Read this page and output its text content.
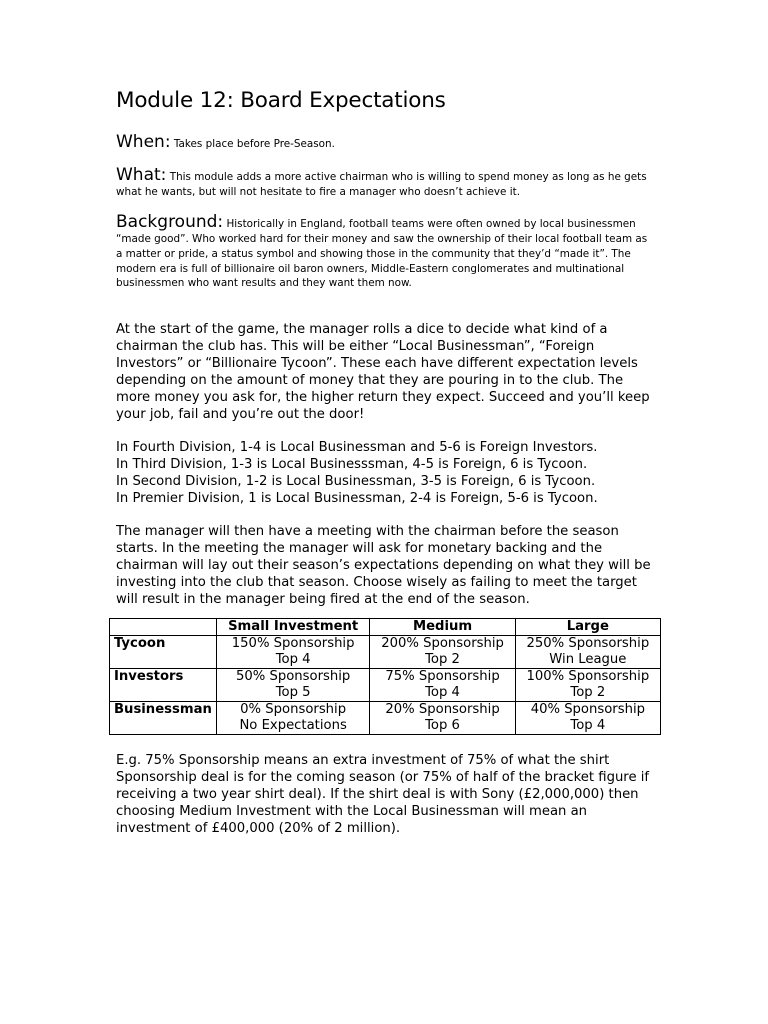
Module 12: Board Expectations

When: Takes place before Pre-Season.

What: This module adds a more active chairman who is willing to spend money as long as he gets what he wants, but will not hesitate to fire a manager who doesn’t achieve it.

Background: Historically in England, football teams were often owned by local businessmen “made good”. Who worked hard for their money and saw the ownership of their local football team as a matter or pride, a status symbol and showing those in the community that they’d “made it”. The modern era is full of billionaire oil baron owners, Middle-Eastern conglomerates and multinational businessmen who want results and they want them now.

At the start of the game, the manager rolls a dice to decide what kind of a chairman the club has. This will be either “Local Businessman”, “Foreign Investors” or “Billionaire Tycoon”. These each have different expectation levels depending on the amount of money that they are pouring in to the club. The more money you ask for, the higher return they expect. Succeed and you’ll keep your job, fail and you’re out the door!

In Fourth Division, 1-4 is Local Businessman and 5-6 is Foreign Investors.
In Third Division, 1-3 is Local Businesssman, 4-5 is Foreign, 6 is Tycoon.
In Second Division, 1-2 is Local Businessman, 3-5 is Foreign, 6 is Tycoon.
In Premier Division, 1 is Local Businessman, 2-4 is Foreign, 5-6 is Tycoon.

The manager will then have a meeting with the chairman before the season starts. In the meeting the manager will ask for monetary backing and the chairman will lay out their season’s expectations depending on what they will be investing into the club that season. Choose wisely as failing to meet the target will result in the manager being fired at the end of the season.

	Small Investment	Medium	Large
Tycoon	150% Sponsorship	200% Sponsorship	250% Sponsorship
	Top 4	Top 2	Win League
Investors	50% Sponsorship	75% Sponsorship	100% Sponsorship
	Top 5	Top 4	Top 2
Businessman	0% Sponsorship	20% Sponsorship	40% Sponsorship
	No Expectations	Top 6	Top 4

E.g. 75% Sponsorship means an extra investment of 75% of what the shirt Sponsorship deal is for the coming season (or 75% of half of the bracket figure if receiving a two year shirt deal). If the shirt deal is with Sony (£2,000,000) then choosing Medium Investment with the Local Businessman will mean an investment of £400,000 (20% of 2 million).
